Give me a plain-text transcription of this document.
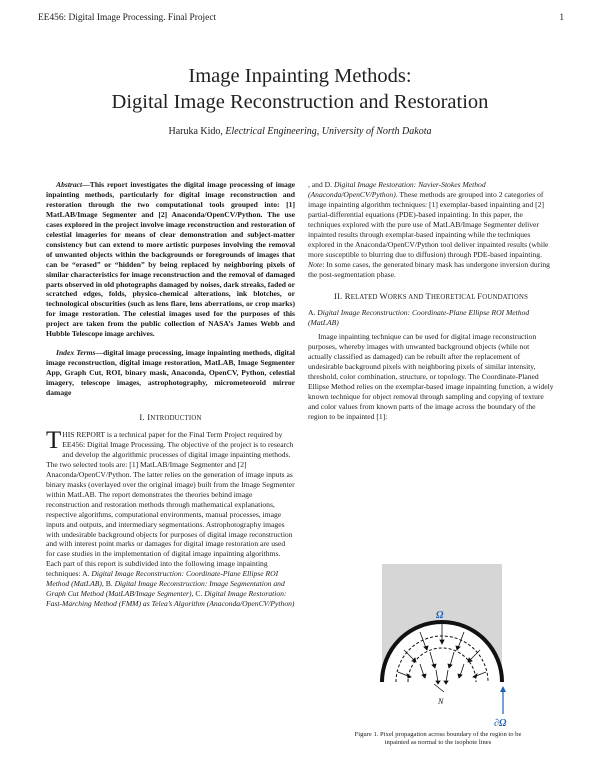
EE456: Digital Image Processing. Final Project	1
Image Inpainting Methods:
Digital Image Reconstruction and Restoration
Haruka Kido, Electrical Engineering, University of North Dakota

Abstract—This report investigates the digital image processing of image inpainting methods, particularly for digital image reconstruction and restoration through the two computational tools grouped into: [1] MatLAB/Image Segmenter and [2] Anaconda/OpenCV/Python. The use cases explored in the project involve image reconstruction and restoration of celestial imageries for means of clear demonstration and subject-matter consistency but can extend to more artistic purposes involving the removal of unwanted objects within the backgrounds or foregrounds of images that can be “erased” or “hidden” by being replaced by neighboring pixels of similar characteristics for image reconstruction and the removal of damaged parts observed in old photographs damaged by noises, dark streaks, faded or scratched edges, folds, physico-chemical alterations, ink blotches, or technological obscurities (such as lens flare, lens aberrations, or crop marks) for image restoration. The celestial images used for the purposes of this project are taken from the public collection of NASA’s James Webb and Hubble Telescope image archives.

Index Terms—digital image processing, image inpainting methods, digital image reconstruction, digital image restoration, MatLAB, Image Segmenter App, Graph Cut, ROI, binary mask, Anaconda, OpenCV, Python, celestial imagery, telescope images, astrophotography, micrometeoroid mirror damage

I. INTRODUCTION

THIS REPORT is a technical paper for the Final Term Project required by EE456: Digital Image Processing. The objective of the project is to research and develop the algorithmic processes of digital image inpainting methods. The two selected tools are: [1] MatLAB/Image Segmenter and [2] Anaconda/OpenCV/Python. The latter relies on the generation of image inputs as binary masks (overlayed over the original image) built from the Image Segmenter within MatLAB. The report demonstrates the theories behind image reconstruction and restoration methods through mathematical explanations, respective algorithms, computational environments, manual processes, image inputs and outputs, and intermediary segmentations. Astrophotography images with undesirable background objects for purposes of digital image reconstruction and with interest point marks or damages for digital image restoration are used for case studies in the implementation of digital image inpainting algorithms. Each part of this report is subdivided into the following image inpainting techniques: A. Digital Image Reconstruction: Coordinate-Plane Ellipse ROI Method (MatLAB), B. Digital Image Reconstruction: Image Segmentation and Graph Cut Method (MatLAB/Image Segmenter), C. Digital Image Restoration: Fast-Marching Method (FMM) as Telea’s Algorithm (Anaconda/OpenCV/Python)

, and D. Digital Image Restoration: Navier-Stokes Method (Anaconda/OpenCV/Python). These methods are grouped into 2 categories of image inpainting algorithm techniques: [1] exemplar-based inpainting and [2] partial-differential equations (PDE)-based inpainting. In this paper, the techniques explored with the pure use of MatLAB/Image Segmenter deliver inpainted results through exemplar-based inpainting while the techniques explored in the Anaconda/OpenCV/Python tool deliver inpainted results (while more susceptible to blurring due to diffusion) through PDE-based inpainting. Note: In some cases, the generated binary mask has undergone inversion during the post-segmentation phase.

II. RELATED WORKS AND THEORETICAL FOUNDATIONS
A. Digital Image Reconstruction: Coordinate-Plane Ellipse ROI Method (MatLAB)

Image inpainting technique can be used for digital image reconstruction purposes, whereby images with unwanted background objects (while not actually classified as damaged) can be rebuilt after the replacement of undesirable background pixels with neighboring pixels of similar intensity, threshold, color combination, structure, or topology. The Coordinate-Planed Ellipse Method relies on the exemplar-based image inpainting function, a widely known technique for object removal through sampling and copying of texture and color values from known parts of the image across the boundary of the region to be inpainted [1]:

N
Ω
∂Ω
Figure 1. Pixel propagation across boundary of the region to be inpainted as normal to the isophote lines
